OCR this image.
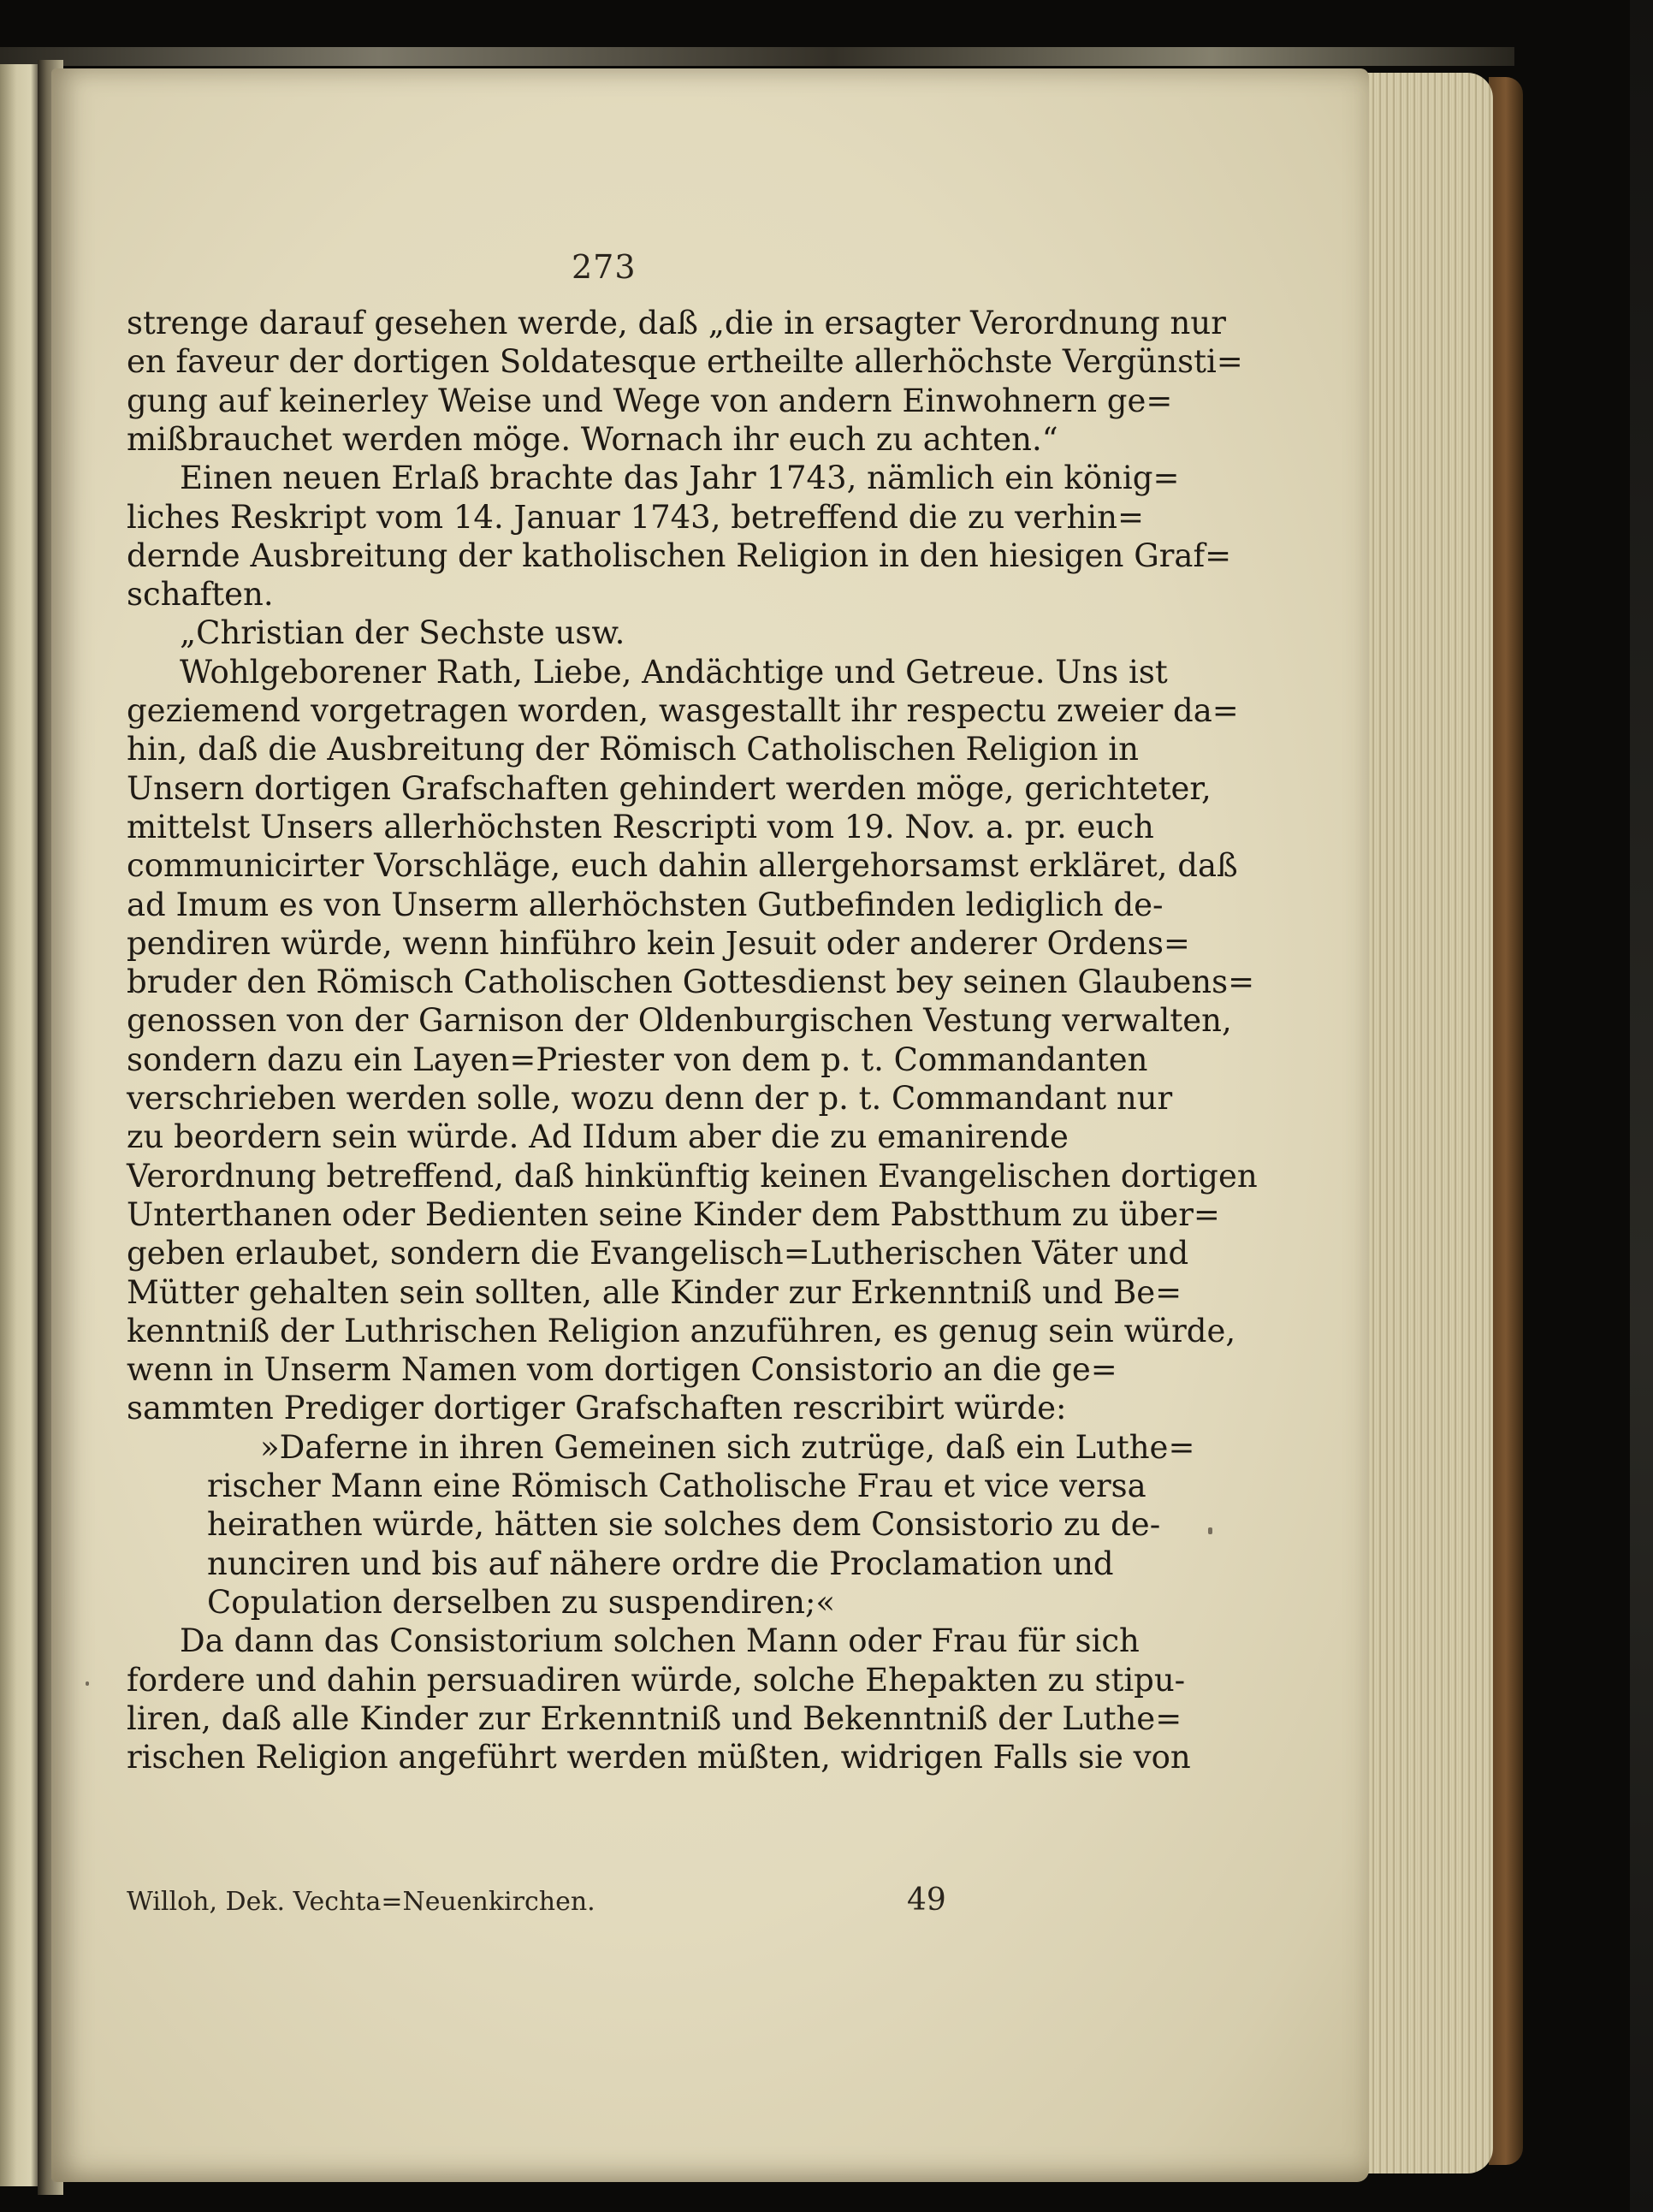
273
strenge darauf gesehen werde, daß „die in ersagter Verordnung nur
en faveur der dortigen Soldatesque ertheilte allerhöchste Vergünsti=
gung auf keinerley Weise und Wege von andern Einwohnern ge=
mißbrauchet werden möge. Wornach ihr euch zu achten.“
Einen neuen Erlaß brachte das Jahr 1743, nämlich ein könig=
liches Reskript vom 14. Januar 1743, betreffend die zu verhin=
dernde Ausbreitung der katholischen Religion in den hiesigen Graf=
schaften.
„Christian der Sechste usw.
Wohlgeborener Rath, Liebe, Andächtige und Getreue. Uns ist
geziemend vorgetragen worden, wasgestallt ihr respectu zweier da=
hin, daß die Ausbreitung der Römisch Catholischen Religion in
Unsern dortigen Grafschaften gehindert werden möge, gerichteter,
mittelst Unsers allerhöchsten Rescripti vom 19. Nov. a. pr. euch
communicirter Vorschläge, euch dahin allergehorsamst erkläret, daß
ad Imum es von Unserm allerhöchsten Gutbefinden lediglich de-
pendiren würde, wenn hinführo kein Jesuit oder anderer Ordens=
bruder den Römisch Catholischen Gottesdienst bey seinen Glaubens=
genossen von der Garnison der Oldenburgischen Vestung verwalten,
sondern dazu ein Layen=Priester von dem p. t. Commandanten
verschrieben werden solle, wozu denn der p. t. Commandant nur
zu beordern sein würde. Ad IIdum aber die zu emanirende
Verordnung betreffend, daß hinkünftig keinen Evangelischen dortigen
Unterthanen oder Bedienten seine Kinder dem Pabstthum zu über=
geben erlaubet, sondern die Evangelisch=Lutherischen Väter und
Mütter gehalten sein sollten, alle Kinder zur Erkenntniß und Be=
kenntniß der Luthrischen Religion anzuführen, es genug sein würde,
wenn in Unserm Namen vom dortigen Consistorio an die ge=
sammten Prediger dortiger Grafschaften rescribirt würde:
»Daferne in ihren Gemeinen sich zutrüge, daß ein Luthe=
rischer Mann eine Römisch Catholische Frau et vice versa
heirathen würde, hätten sie solches dem Consistorio zu de-
nunciren und bis auf nähere ordre die Proclamation und
Copulation derselben zu suspendiren;«
Da dann das Consistorium solchen Mann oder Frau für sich
fordere und dahin persuadiren würde, solche Ehepakten zu stipu-
liren, daß alle Kinder zur Erkenntniß und Bekenntniß der Luthe=
rischen Religion angeführt werden müßten, widrigen Falls sie von
Willoh, Dek. Vechta=Neuenkirchen.	49
